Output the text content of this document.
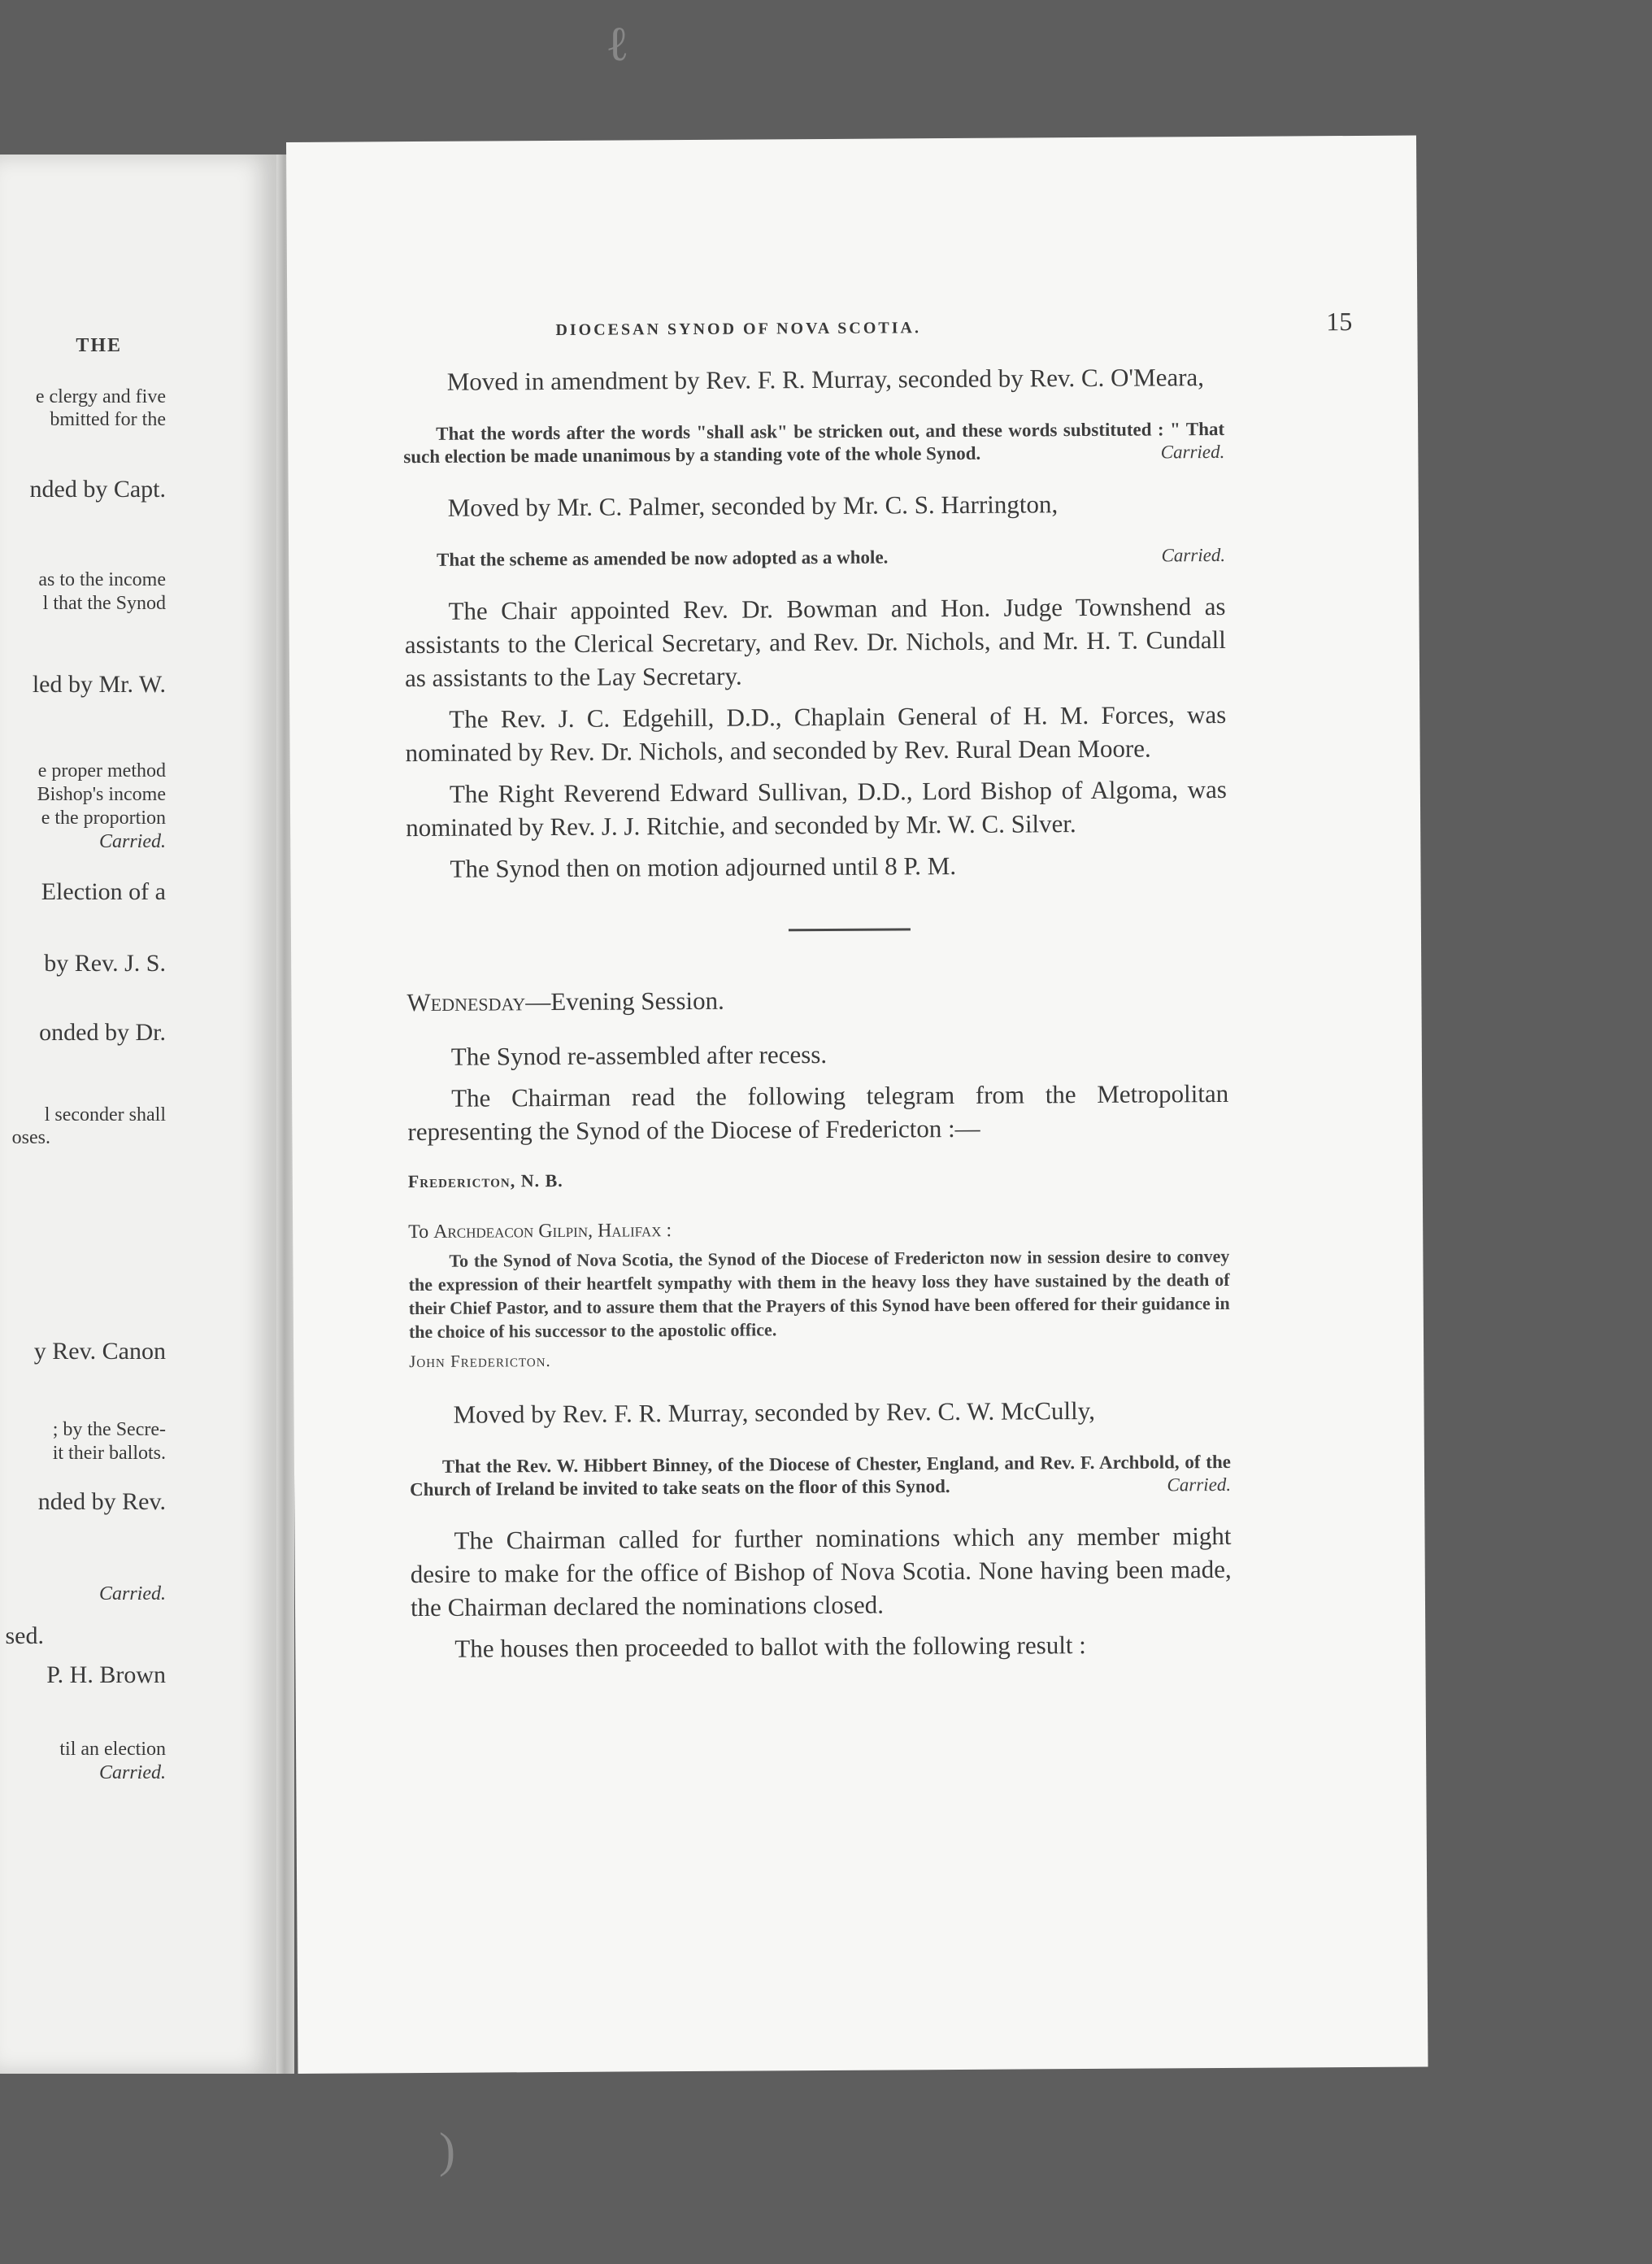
THE

e clergy and five

bmitted for the

nded by Capt.

as to the income

l that the Synod

led by Mr. W.

e proper method

Bishop's income

e the proportion

Carried.

Election of a

by Rev. J. S.

onded by Dr.

l seconder shall

oses.

y Rev. Canon

; by the Secre-

it their ballots.

nded by Rev.

Carried.

sed.

P. H. Brown

til an election

Carried.

DIOCESAN SYNOD OF NOVA SCOTIA.	15

Moved in amendment by Rev. F. R. Murray, seconded by Rev. C. O'Meara,

That the words after the words "shall ask" be stricken out, and these words substituted : " That such election be made unanimous by a standing vote of the whole Synod.	Carried.

Moved by Mr. C. Palmer, seconded by Mr. C. S. Harrington,

That the scheme as amended be now adopted as a whole.	Carried.

The Chair appointed Rev. Dr. Bowman and Hon. Judge Townshend as assistants to the Clerical Secretary, and Rev. Dr. Nichols, and Mr. H. T. Cundall as assistants to the Lay Secretary.

The Rev. J. C. Edgehill, D.D., Chaplain General of H. M. Forces, was nominated by Rev. Dr. Nichols, and seconded by Rev. Rural Dean Moore.

The Right Reverend Edward Sullivan, D.D., Lord Bishop of Algoma, was nominated by Rev. J. J. Ritchie, and seconded by Mr. W. C. Silver.

The Synod then on motion adjourned until 8 P. M.

Wednesday—Evening Session.

The Synod re-assembled after recess.

The Chairman read the following telegram from the Metropolitan representing the Synod of the Diocese of Fredericton :—

Fredericton, N. B.

To Archdeacon Gilpin, Halifax :

To the Synod of Nova Scotia, the Synod of the Diocese of Fredericton now in session desire to convey the expression of their heartfelt sympathy with them in the heavy loss they have sustained by the death of their Chief Pastor, and to assure them that the Prayers of this Synod have been offered for their guidance in the choice of his successor to the apostolic office.

John Fredericton.

Moved by Rev. F. R. Murray, seconded by Rev. C. W. McCully,

That the Rev. W. Hibbert Binney, of the Diocese of Chester, England, and Rev. F. Archbold, of the Church of Ireland be invited to take seats on the floor of this Synod.	Carried.

The Chairman called for further nominations which any member might desire to make for the office of Bishop of Nova Scotia. None having been made, the Chairman declared the nominations closed.

The houses then proceeded to ballot with the following result :

ℓ
)
